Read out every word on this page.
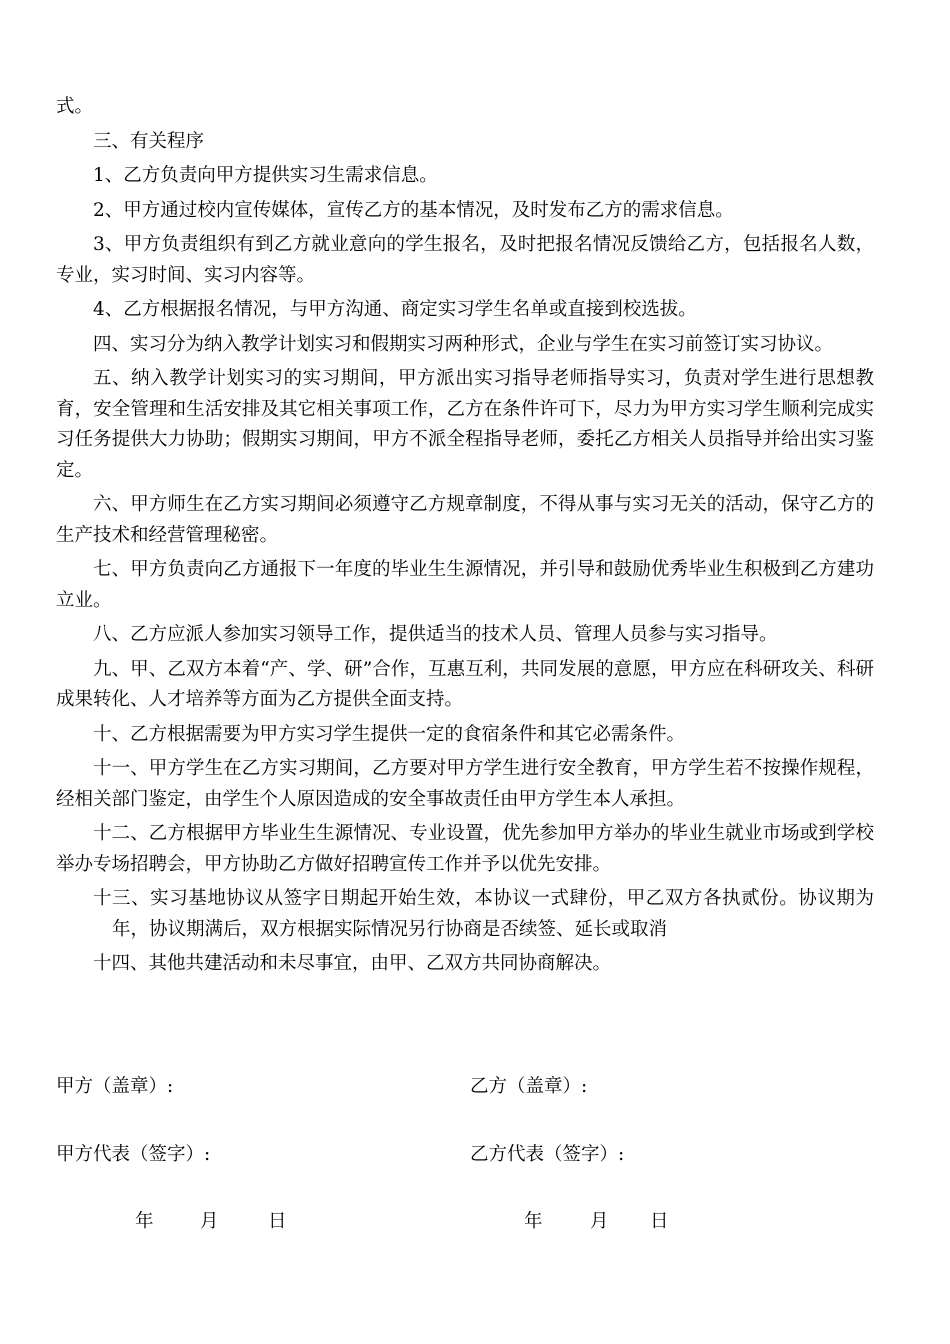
式。

三、有关程序

1、乙方负责向甲方提供实习生需求信息。

2、甲方通过校内宣传媒体，宣传乙方的基本情况，及时发布乙方的需求信息。

3、甲方负责组织有到乙方就业意向的学生报名，及时把报名情况反馈给乙方，包括报名人数，专业，实习时间、实习内容等。

4、乙方根据报名情况，与甲方沟通、商定实习学生名单或直接到校选拔。

四、实习分为纳入教学计划实习和假期实习两种形式，企业与学生在实习前签订实习协议。

五、纳入教学计划实习的实习期间，甲方派出实习指导老师指导实习，负责对学生进行思想教育，安全管理和生活安排及其它相关事项工作，乙方在条件许可下，尽力为甲方实习学生顺利完成实习任务提供大力协助；假期实习期间，甲方不派全程指导老师，委托乙方相关人员指导并给出实习鉴定。

六、甲方师生在乙方实习期间必须遵守乙方规章制度，不得从事与实习无关的活动，保守乙方的生产技术和经营管理秘密。

七、甲方负责向乙方通报下一年度的毕业生生源情况，并引导和鼓励优秀毕业生积极到乙方建功立业。

八、乙方应派人参加实习领导工作，提供适当的技术人员、管理人员参与实习指导。

九、甲、乙双方本着“产、学、研”合作，互惠互利，共同发展的意愿，甲方应在科研攻关、科研成果转化、人才培养等方面为乙方提供全面支持。

十、乙方根据需要为甲方实习学生提供一定的食宿条件和其它必需条件。

十一、甲方学生在乙方实习期间，乙方要对甲方学生进行安全教育，甲方学生若不按操作规程，经相关部门鉴定，由学生个人原因造成的安全事故责任由甲方学生本人承担。

十二、乙方根据甲方毕业生生源情况、专业设置，优先参加甲方举办的毕业生就业市场或到学校举办专场招聘会，甲方协助乙方做好招聘宣传工作并予以优先安排。

十三、实习基地协议从签字日期起开始生效，本协议一式肆份，甲乙双方各执贰份。协议期为年，协议期满后，双方根据实际情况另行协商是否续签、延长或取消

十四、其他共建活动和未尽事宜，由甲、乙双方共同协商解决。

甲方（盖章）:	乙方（盖章）:
甲方代表（签字）:	乙方代表（签字）:
年	月	日	年	月 日
